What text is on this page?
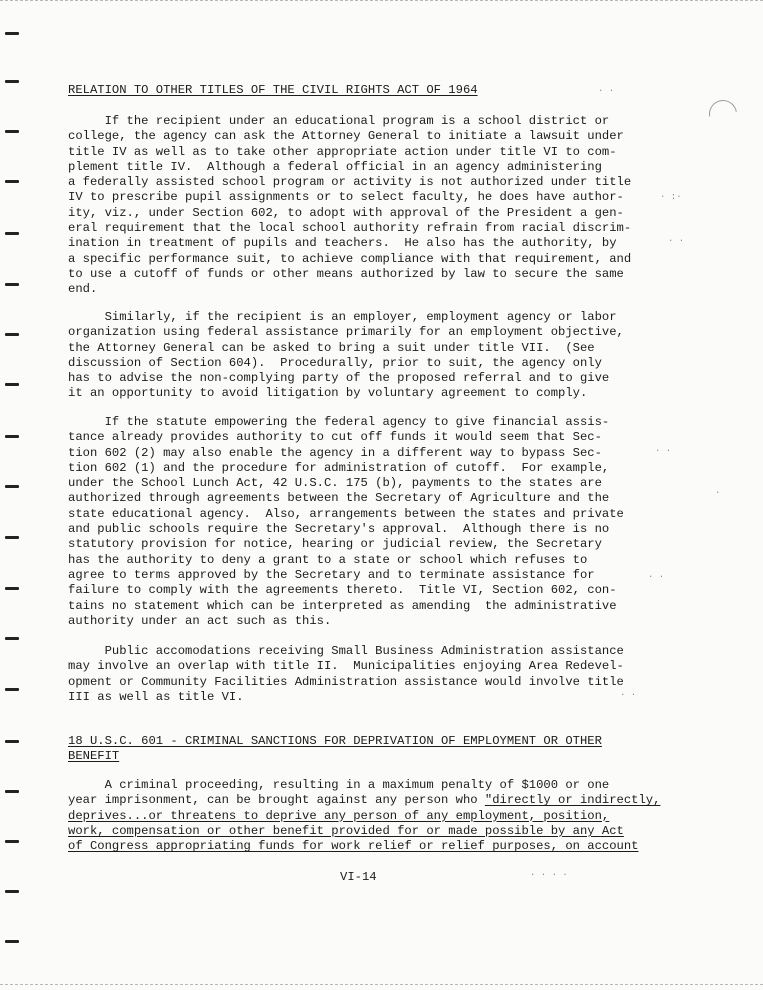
RELATION TO OTHER TITLES OF THE CIVIL RIGHTS ACT OF 1964
If the recipient under an educational program is a school district or
college, the agency can ask the Attorney General to initiate a lawsuit under
title IV as well as to take other appropriate action under title VI to com-
plement title IV.  Although a federal official in an agency administering
a federally assisted school program or activity is not authorized under title
IV to prescribe pupil assignments or to select faculty, he does have author-
ity, viz., under Section 602, to adopt with approval of the President a gen-
eral requirement that the local school authority refrain from racial discrim-
ination in treatment of pupils and teachers.  He also has the authority, by
a specific performance suit, to achieve compliance with that requirement, and
to use a cutoff of funds or other means authorized by law to secure the same
end.
Similarly, if the recipient is an employer, employment agency or labor
organization using federal assistance primarily for an employment objective,
the Attorney General can be asked to bring a suit under title VII.  (See
discussion of Section 604).  Procedurally, prior to suit, the agency only
has to advise the non-complying party of the proposed referral and to give
it an opportunity to avoid litigation by voluntary agreement to comply.
If the statute empowering the federal agency to give financial assis-
tance already provides authority to cut off funds it would seem that Sec-
tion 602 (2) may also enable the agency in a different way to bypass Sec-
tion 602 (1) and the procedure for administration of cutoff.  For example,
under the School Lunch Act, 42 U.S.C. 175 (b), payments to the states are
authorized through agreements between the Secretary of Agriculture and the
state educational agency.  Also, arrangements between the states and private
and public schools require the Secretary's approval.  Although there is no
statutory provision for notice, hearing or judicial review, the Secretary
has the authority to deny a grant to a state or school which refuses to
agree to terms approved by the Secretary and to terminate assistance for
failure to comply with the agreements thereto.  Title VI, Section 602, con-
tains no statement which can be interpreted as amending  the administrative
authority under an act such as this.
Public accomodations receiving Small Business Administration assistance
may involve an overlap with title II.  Municipalities enjoying Area Redevel-
opment or Community Facilities Administration assistance would involve title
III as well as title VI.
18 U.S.C. 601 - CRIMINAL SANCTIONS FOR DEPRIVATION OF EMPLOYMENT OR OTHER
BENEFIT
A criminal proceeding, resulting in a maximum penalty of $1000 or one
year imprisonment, can be brought against any person who "directly or indirectly,
deprives...or threatens to deprive any person of any employment, position,
work, compensation or other benefit provided for or made possible by any Act
of Congress appropriating funds for work relief or relief purposes, on account
VI-14
· ·
· :·
· ·
· ·
·
· ·
· ·
· · · ·
